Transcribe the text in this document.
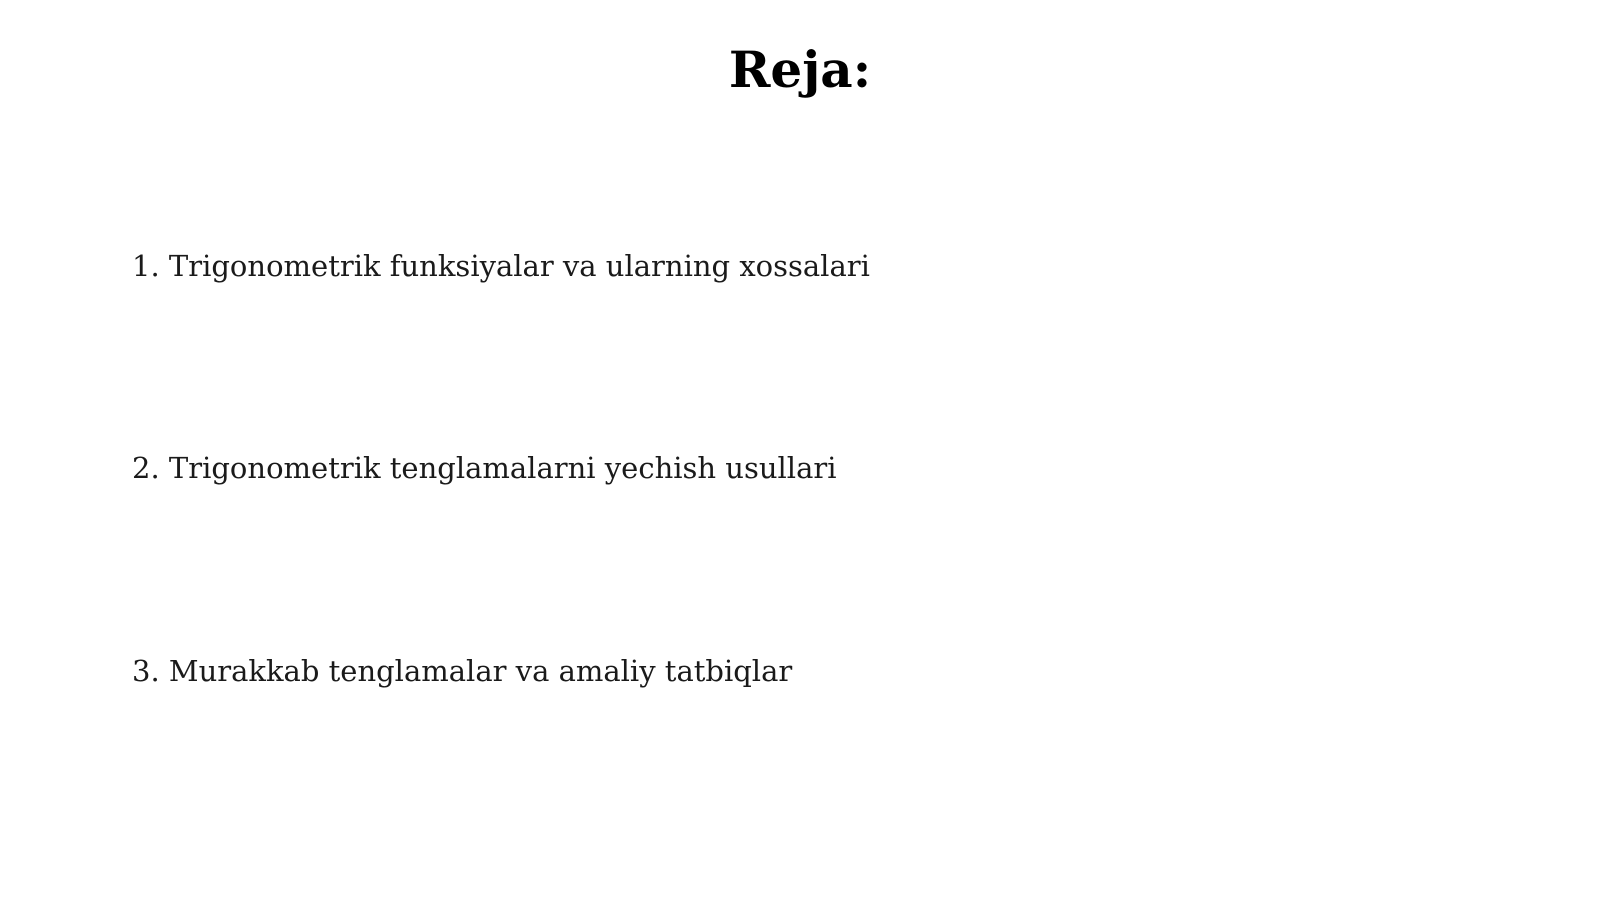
Reja:

1. Trigonometrik funksiyalar va ularning xossalari

2. Trigonometrik tenglamalarni yechish usullari

3. Murakkab tenglamalar va amaliy tatbiqlar
